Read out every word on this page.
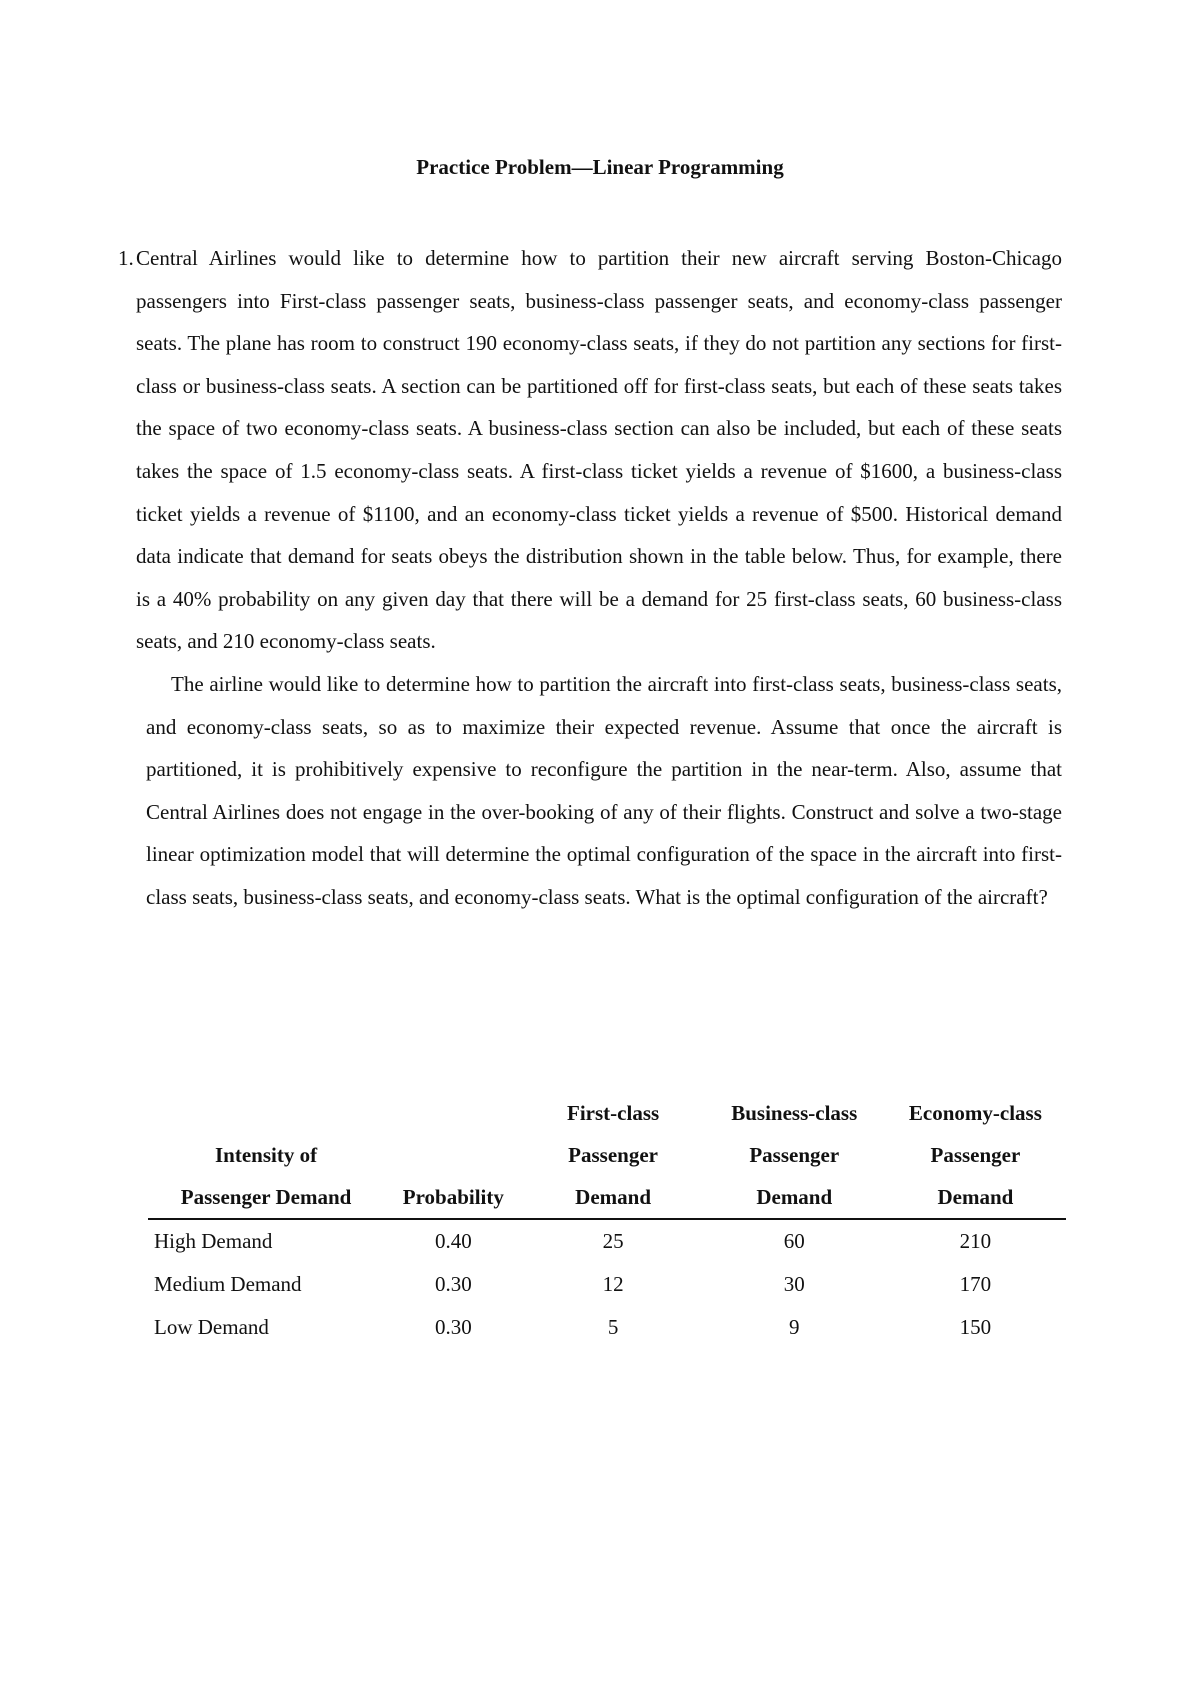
Practice Problem—Linear Programming
1. Central Airlines would like to determine how to partition their new aircraft serving Boston-Chicago passengers into First-class passenger seats, business-class passenger seats, and economy-class passenger seats. The plane has room to construct 190 economy-class seats, if they do not partition any sections for first-class or business-class seats. A section can be partitioned off for first-class seats, but each of these seats takes the space of two economy-class seats. A business-class section can also be included, but each of these seats takes the space of 1.5 economy-class seats. A first-class ticket yields a revenue of $1600, a business-class ticket yields a revenue of $1100, and an economy-class ticket yields a revenue of $500. Historical demand data indicate that demand for seats obeys the distribution shown in the table below. Thus, for example, there is a 40% probability on any given day that there will be a demand for 25 first-class seats, 60 business-class seats, and 210 economy-class seats.

The airline would like to determine how to partition the aircraft into first-class seats, business-class seats, and economy-class seats, so as to maximize their expected revenue. Assume that once the aircraft is partitioned, it is prohibitively expensive to reconfigure the partition in the near-term. Also, assume that Central Airlines does not engage in the over-booking of any of their flights. Construct and solve a two-stage linear optimization model that will determine the optimal configuration of the space in the aircraft into first-class seats, business-class seats, and economy-class seats. What is the optimal configuration of the aircraft?

		First-class	Business-class	Economy-class
Intensity of		Passenger	Passenger	Passenger
Passenger Demand	Probability	Demand	Demand	Demand
High Demand	0.40	25	60	210
Medium Demand	0.30	12	30	170
Low Demand	0.30	5	9	150
